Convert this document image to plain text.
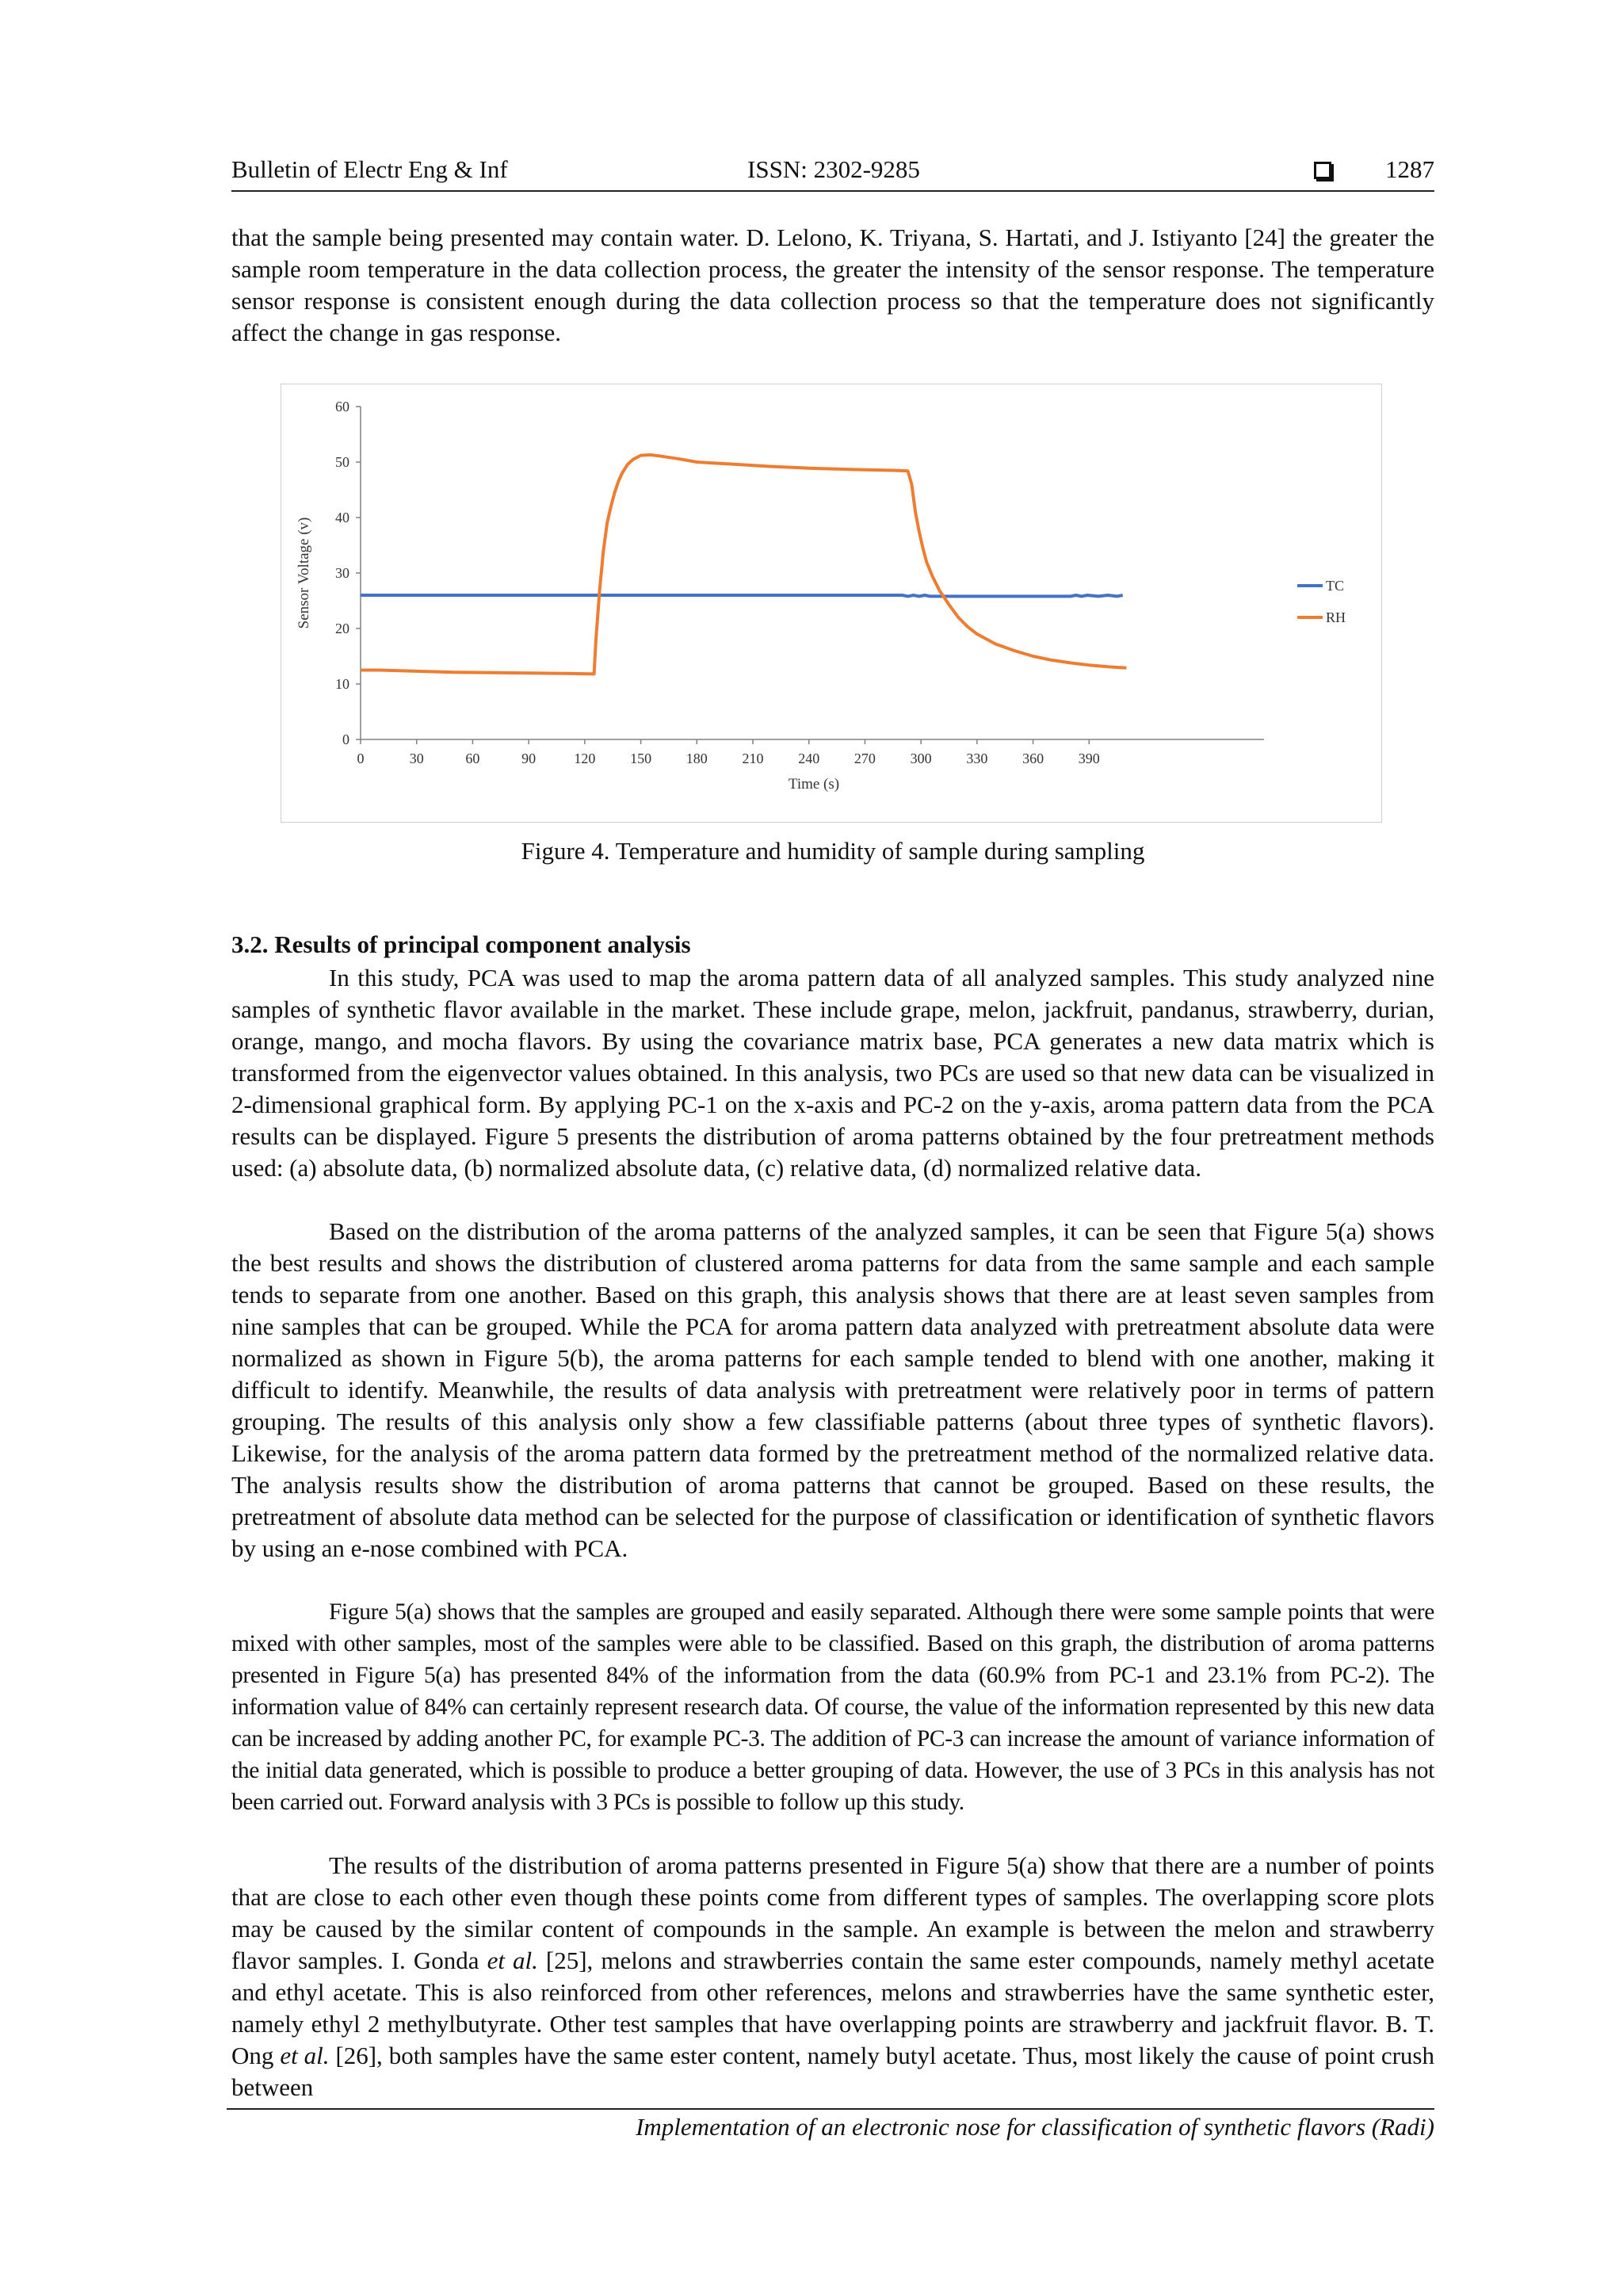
Bulletin of Electr Eng & Inf	ISSN: 2302-9285	1287

that the sample being presented may contain water. D. Lelono, K. Triyana, S. Hartati, and J. Istiyanto [24] the greater the sample room temperature in the data collection process, the greater the intensity of the sensor response. The temperature sensor response is consistent enough during the data collection process so that the temperature does not significantly affect the change in gas response.

0
10
20
30
40
50
60
0	30	60	90	120 150 180 210 240 270 300 330 360 390
Sensor Voltage (v)
Time (s)
TC
RH
Figure 4. Temperature and humidity of sample during sampling
3.2. Results of principal component analysis

In this study, PCA was used to map the aroma pattern data of all analyzed samples. This study analyzed nine samples of synthetic flavor available in the market. These include grape, melon, jackfruit, pandanus, strawberry, durian, orange, mango, and mocha flavors. By using the covariance matrix base, PCA generates a new data matrix which is transformed from the eigenvector values obtained. In this analysis, two PCs are used so that new data can be visualized in 2-dimensional graphical form. By applying PC-1 on the x-axis and PC-2 on the y-axis, aroma pattern data from the PCA results can be displayed. Figure 5 presents the distribution of aroma patterns obtained by the four pretreatment methods used: (a) absolute data, (b) normalized absolute data, (c) relative data, (d) normalized relative data.

Based on the distribution of the aroma patterns of the analyzed samples, it can be seen that Figure 5(a) shows the best results and shows the distribution of clustered aroma patterns for data from the same sample and each sample tends to separate from one another. Based on this graph, this analysis shows that there are at least seven samples from nine samples that can be grouped. While the PCA for aroma pattern data analyzed with pretreatment absolute data were normalized as shown in Figure 5(b), the aroma patterns for each sample tended to blend with one another, making it difficult to identify. Meanwhile, the results of data analysis with pretreatment were relatively poor in terms of pattern grouping. The results of this analysis only show a few classifiable patterns (about three types of synthetic flavors). Likewise, for the analysis of the aroma pattern data formed by the pretreatment method of the normalized relative data. The analysis results show the distribution of aroma patterns that cannot be grouped. Based on these results, the pretreatment of absolute data method can be selected for the purpose of classification or identification of synthetic flavors by using an e-nose combined with PCA.

Figure 5(a) shows that the samples are grouped and easily separated. Although there were some sample points that were mixed with other samples, most of the samples were able to be classified. Based on this graph, the distribution of aroma patterns presented in Figure 5(a) has presented 84% of the information from the data (60.9% from PC-1 and 23.1% from PC-2). The information value of 84% can certainly represent research data. Of course, the value of the information represented by this new data can be increased by adding another PC, for example PC-3. The addition of PC-3 can increase the amount of variance information of the initial data generated, which is possible to produce a better grouping of data. However, the use of 3 PCs in this analysis has not been carried out. Forward analysis with 3 PCs is possible to follow up this study.

The results of the distribution of aroma patterns presented in Figure 5(a) show that there are a number of points that are close to each other even though these points come from different types of samples. The overlapping score plots may be caused by the similar content of compounds in the sample. An example is between the melon and strawberry flavor samples. I. Gonda et al. [25], melons and strawberries contain the same ester compounds, namely methyl acetate and ethyl acetate. This is also reinforced from other references, melons and strawberries have the same synthetic ester, namely ethyl 2 methylbutyrate. Other test samples that have overlapping points are strawberry and jackfruit flavor. B. T. Ong et al. [26], both samples have the same ester content, namely butyl acetate. Thus, most likely the cause of point crush between

Implementation of an electronic nose for classification of synthetic flavors (Radi)
